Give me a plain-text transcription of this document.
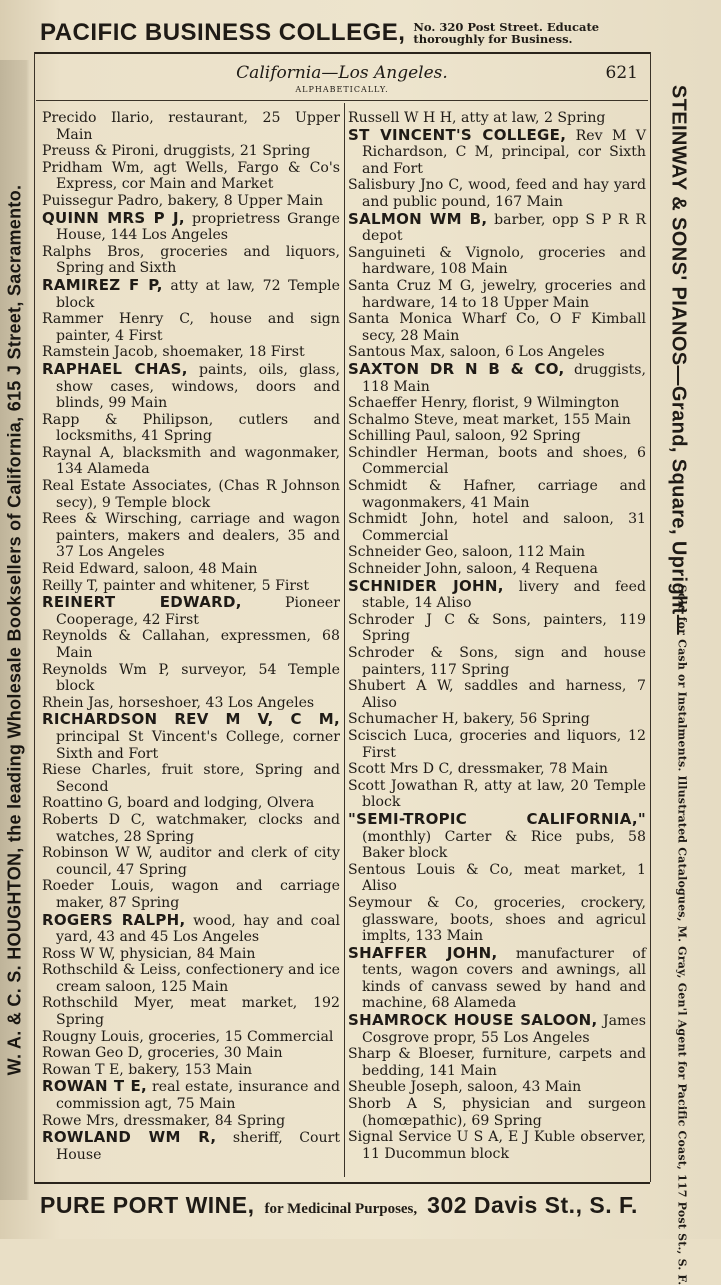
W. A. & C. S. HOUGHTON, the leading Wholesale Booksellers of California, 615 J Street, Sacramento.
PACIFIC BUSINESS COLLEGE, No. 320 Post Street. Educate
thoroughly for Business.
California—Los Angeles.
ALPHABETICALLY.
621

Precido Ilario, restaurant, 25 Upper Main

Preuss & Pironi, druggists, 21 Spring

Pridham Wm, agt Wells, Fargo & Co's Express, cor Main and Market

Puissegur Padro, bakery, 8 Upper Main

QUINN MRS P J, proprietress Grange House, 144 Los Angeles

Ralphs Bros, groceries and liquors, Spring and Sixth

RAMIREZ F P, atty at law, 72 Temple block

Rammer Henry C, house and sign painter, 4 First

Ramstein Jacob, shoemaker, 18 First

RAPHAEL CHAS, paints, oils, glass, show cases, windows, doors and blinds, 99 Main

Rapp & Philipson, cutlers and locksmiths, 41 Spring

Raynal A, blacksmith and wagonmaker, 134 Alameda

Real Estate Associates, (Chas R Johnson secy), 9 Temple block

Rees & Wirsching, carriage and wagon painters, makers and dealers, 35 and 37 Los Angeles

Reid Edward, saloon, 48 Main

Reilly T, painter and whitener, 5 First

REINERT EDWARD, Pioneer Cooperage, 42 First

Reynolds & Callahan, expressmen, 68 Main

Reynolds Wm P, surveyor, 54 Temple block

Rhein Jas, horseshoer, 43 Los Angeles

RICHARDSON REV M V, C M, principal St Vincent's College, corner Sixth and Fort

Riese Charles, fruit store, Spring and Second

Roattino G, board and lodging, Olvera

Roberts D C, watchmaker, clocks and watches, 28 Spring

Robinson W W, auditor and clerk of city council, 47 Spring

Roeder Louis, wagon and carriage maker, 87 Spring

ROGERS RALPH, wood, hay and coal yard, 43 and 45 Los Angeles

Ross W W, physician, 84 Main

Rothschild & Leiss, confectionery and ice cream saloon, 125 Main

Rothschild Myer, meat market, 192 Spring

Rougny Louis, groceries, 15 Commercial

Rowan Geo D, groceries, 30 Main

Rowan T E, bakery, 153 Main

ROWAN T E, real estate, insurance and commission agt, 75 Main

Rowe Mrs, dressmaker, 84 Spring

ROWLAND WM R, sheriff, Court House

Russell W H H, atty at law, 2 Spring

ST VINCENT'S COLLEGE, Rev M V Richardson, C M, principal, cor Sixth and Fort

Salisbury Jno C, wood, feed and hay yard and public pound, 167 Main

SALMON WM B, barber, opp S P R R depot

Sanguineti & Vignolo, groceries and hardware, 108 Main

Santa Cruz M G, jewelry, groceries and hardware, 14 to 18 Upper Main

Santa Monica Wharf Co, O F Kimball secy, 28 Main

Santous Max, saloon, 6 Los Angeles

SAXTON DR N B & CO, druggists, 118 Main

Schaeffer Henry, florist, 9 Wilmington

Schalmo Steve, meat market, 155 Main

Schilling Paul, saloon, 92 Spring

Schindler Herman, boots and shoes, 6 Commercial

Schmidt & Hafner, carriage and wagonmakers, 41 Main

Schmidt John, hotel and saloon, 31 Commercial

Schneider Geo, saloon, 112 Main

Schneider John, saloon, 4 Requena

SCHNIDER JOHN, livery and feed stable, 14 Aliso

Schroder J C & Sons, painters, 119 Spring

Schroder & Sons, sign and house painters, 117 Spring

Shubert A W, saddles and harness, 7 Aliso

Schumacher H, bakery, 56 Spring

Sciscich Luca, groceries and liquors, 12 First

Scott Mrs D C, dressmaker, 78 Main

Scott Jowathan R, atty at law, 20 Temple block

"SEMI-TROPIC CALIFORNIA," (monthly) Carter & Rice pubs, 58 Baker block

Sentous Louis & Co, meat market, 1 Aliso

Seymour & Co, groceries, crockery, glassware, boots, shoes and agricul implts, 133 Main

SHAFFER JOHN, manufacturer of tents, wagon covers and awnings, all kinds of canvass sewed by hand and machine, 68 Alameda

SHAMROCK HOUSE SALOON, James Cosgrove propr, 55 Los Angeles

Sharp & Bloeser, furniture, carpets and bedding, 141 Main

Sheuble Joseph, saloon, 43 Main

Shorb A S, physician and surgeon (homœpathic), 69 Spring

Signal Service U S A, E J Kuble observer, 11 Ducommun block

STEINWAY & SONS' PIANOS—Grand, Square, Upright—
Sold for Cash or Instalments. Illustrated Catalogues, M. Gray, Gen'l Agent for Pacific Coast, 117 Post St., S. F.
PURE PORT WINE, for Medicinal Purposes, 302 Davis St., S. F.
